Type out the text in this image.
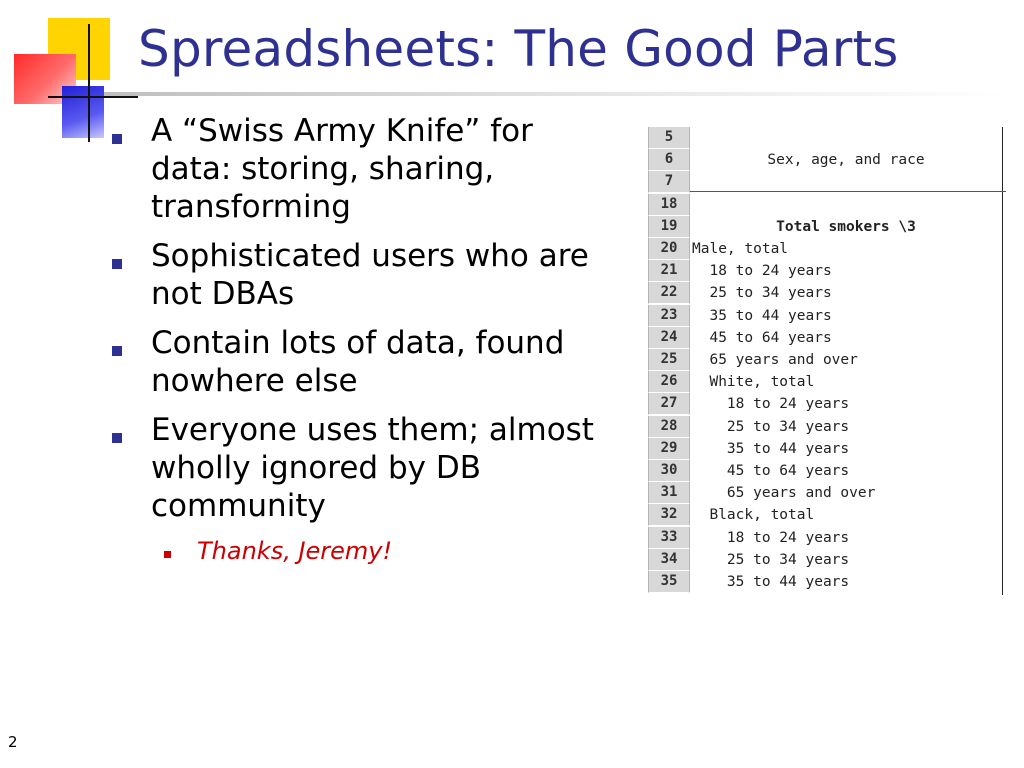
Spreadsheets: The Good Parts
A “Swiss Army Knife” for data: storing, sharing, transforming
Sophisticated users who are not DBAs
Contain lots of data, found nowhere else
Everyone uses them; almost wholly ignored by DB community
Thanks, Jeremy!
5
6	Sex, age, and race
7
18
19	Total smokers \3
20	Male, total
21	18 to 24 years
22	25 to 34 years
23	35 to 44 years
24	45 to 64 years
25	65 years and over
26	White, total
27	18 to 24 years
28	25 to 34 years
29	35 to 44 years
30	45 to 64 years
31	65 years and over
32	Black, total
33	18 to 24 years
34	25 to 34 years
35	35 to 44 years
2
